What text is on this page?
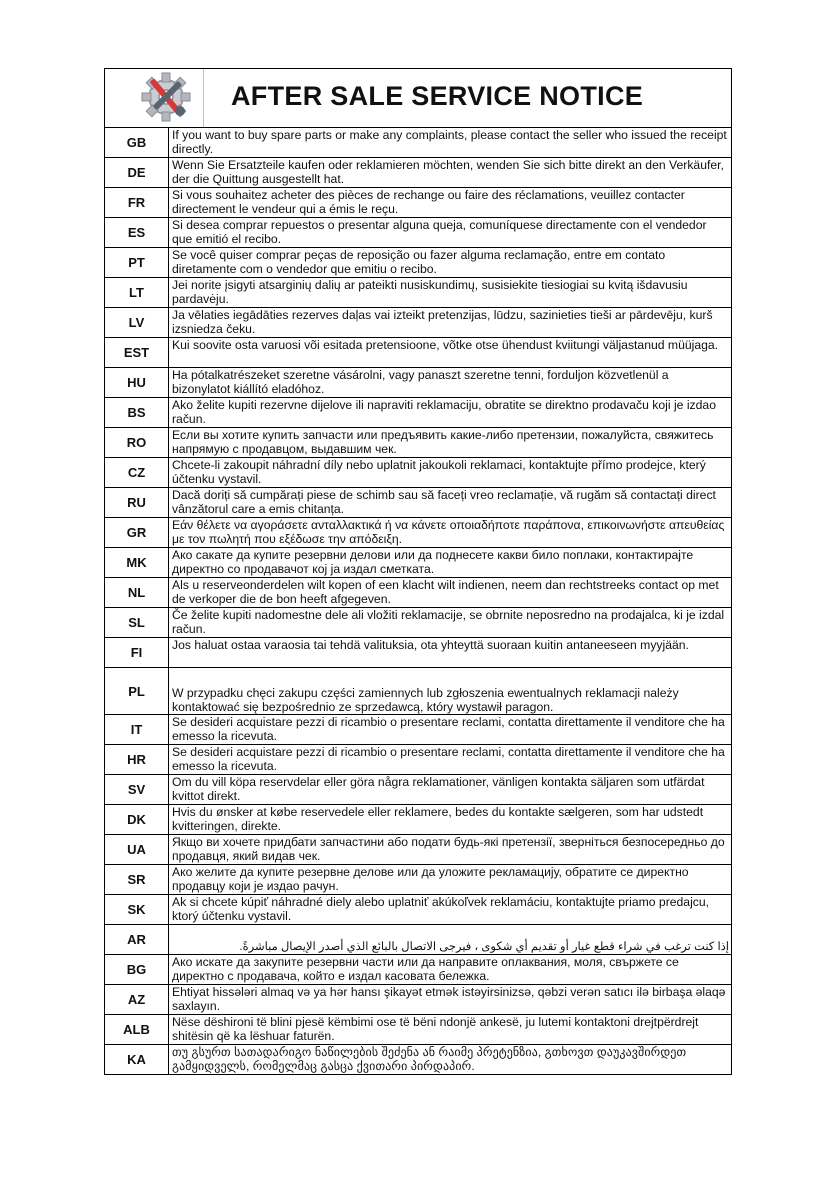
AFTER SALE SERVICE NOTICE	

GB	If you want to buy spare parts or make any complaints, please contact the seller who issued the receipt directly.
DE	Wenn Sie Ersatzteile kaufen oder reklamieren möchten, wenden Sie sich bitte direkt an den Verkäufer, der die Quittung ausgestellt hat.
FR	Si vous souhaitez acheter des pièces de rechange ou faire des réclamations, veuillez contacter directement le vendeur qui a émis le reçu.
ES	Si desea comprar repuestos o presentar alguna queja, comuníquese directamente con el vendedor que emitió el recibo.
PT	Se você quiser comprar peças de reposição ou fazer alguma reclamação, entre em contato diretamente com o vendedor que emitiu o recibo.
LT	Jei norite įsigyti atsarginių dalių ar pateikti nusiskundimų, susisiekite tiesiogiai su kvitą išdavusiu pardavėju.
LV	Ja vēlaties iegādāties rezerves daļas vai izteikt pretenzijas, lūdzu, sazinieties tieši ar pārdevēju, kurš izsniedza čeku.
EST	Kui soovite osta varuosi või esitada pretensioone, võtke otse ühendust kviitungi väljastanud müüjaga.
HU	Ha pótalkatrészeket szeretne vásárolni, vagy panaszt szeretne tenni, forduljon közvetlenül a bizonylatot kiállító eladóhoz.
BS	Ako želite kupiti rezervne dijelove ili napraviti reklamaciju, obratite se direktno prodavaču koji je izdao račun.
RO	Если вы хотите купить запчасти или предъявить какие-либо претензии, пожалуйста, свяжитесь напрямую с продавцом, выдавшим чек.
CZ	Chcete-li zakoupit náhradní díly nebo uplatnit jakoukoli reklamaci, kontaktujte přímo prodejce, který účtenku vystavil.
RU	Dacă doriți să cumpărați piese de schimb sau să faceți vreo reclamație, vă rugăm să contactați direct vânzătorul care a emis chitanța.
GR	Εάν θέλετε να αγοράσετε ανταλλακτικά ή να κάνετε οποιαδήποτε παράπονα, επικοινωνήστε απευθείας με τον πωλητή που εξέδωσε την απόδειξη.
MK	Ако сакате да купите резервни делови или да поднесете какви било поплаки, контактирајте директно со продавачот кој ја издал сметката.
NL	Als u reserveonderdelen wilt kopen of een klacht wilt indienen, neem dan rechtstreeks contact op met de verkoper die de bon heeft afgegeven.
SL	Če želite kupiti nadomestne dele ali vložiti reklamacije, se obrnite neposredno na prodajalca, ki je izdal račun.
FI	Jos haluat ostaa varaosia tai tehdä valituksia, ota yhteyttä suoraan kuitin antaneeseen myyjään.
PL	W przypadku chęci zakupu części zamiennych lub zgłoszenia ewentualnych reklamacji należy kontaktować się bezpośrednio ze sprzedawcą, który wystawił paragon.
IT	Se desideri acquistare pezzi di ricambio o presentare reclami, contatta direttamente il venditore che ha emesso la ricevuta.
HR	Se desideri acquistare pezzi di ricambio o presentare reclami, contatta direttamente il venditore che ha emesso la ricevuta.
SV	Om du vill köpa reservdelar eller göra några reklamationer, vänligen kontakta säljaren som utfärdat kvittot direkt.
DK	Hvis du ønsker at købe reservedele eller reklamere, bedes du kontakte sælgeren, som har udstedt kvitteringen, direkte.
UA	Якщо ви хочете придбати запчастини або подати будь-які претензії, зверніться безпосередньо до продавця, який видав чек.
SR	Ако желите да купите резервне делове или да уложите рекламацију, обратите се директно продавцу који је издао рачун.
SK	Ak si chcete kúpiť náhradné diely alebo uplatniť akúkoľvek reklamáciu, kontaktujte priamo predajcu, ktorý účtenku vystavil.
AR	إذا كنت ترغب في شراء قطع غيار أو تقديم أي شكوى ، فيرجى الاتصال بالبائع الذي أصدر الإيصال مباشرةً.
BG	Ако искате да закупите резервни части или да направите оплаквания, моля, свържете се директно с продавача, който е издал касовата бележка.
AZ	Ehtiyat hissələri almaq və ya hər hansı şikayət etmək istəyirsinizsə, qəbzi verən satıcı ilə birbaşa əlaqə saxlayın.
ALB	Nëse dëshironi të blini pjesë këmbimi ose të bëni ndonjë ankesë, ju lutemi kontaktoni drejtpërdrejt shitësin që ka lëshuar faturën.
KA	თუ გსურთ სათადარიგო ნაწილების შეძენა ან რაიმე პრეტენზია, გთხოვთ დაუკავშირდეთ გამყიდველს, რომელმაც გასცა ქვითარი პირდაპირ.
